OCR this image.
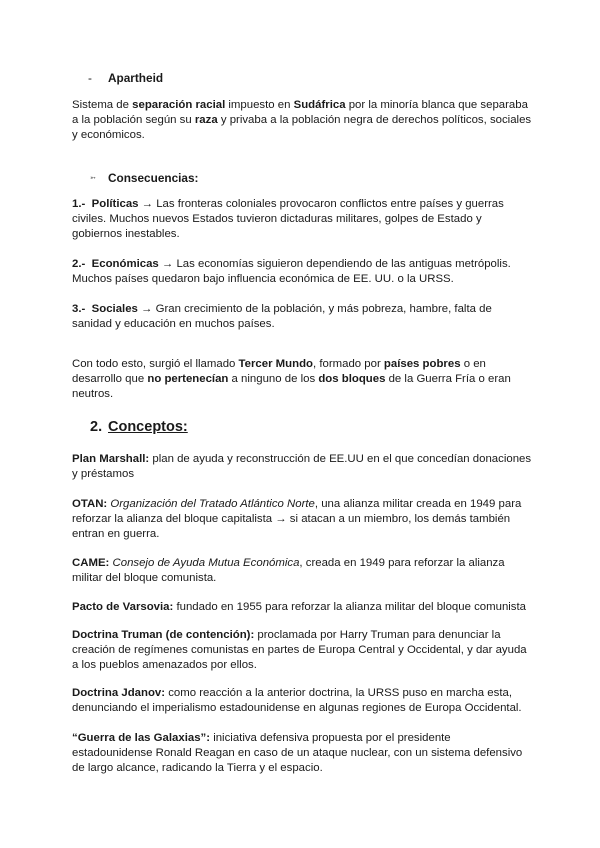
- Apartheid

Sistema de separación racial impuesto en Sudáfrica por la minoría blanca que separaba a la población según su raza y privaba a la población negra de derechos políticos, sociales y económicos.

➳ Consecuencias:

1.- Políticas → Las fronteras coloniales provocaron conflictos entre países y guerras civiles. Muchos nuevos Estados tuvieron dictaduras militares, golpes de Estado y gobiernos inestables.

2.- Económicas → Las economías siguieron dependiendo de las antiguas metrópolis. Muchos países quedaron bajo influencia económica de EE. UU. o la URSS.

3.- Sociales → Gran crecimiento de la población, y más pobreza, hambre, falta de sanidad y educación en muchos países.

Con todo esto, surgió el llamado Tercer Mundo, formado por países pobres o en desarrollo que no pertenecían a ninguno de los dos bloques de la Guerra Fría o eran neutros.

2. Conceptos:

Plan Marshall: plan de ayuda y reconstrucción de EE.UU en el que concedían donaciones y préstamos

OTAN: Organización del Tratado Atlántico Norte, una alianza militar creada en 1949 para reforzar la alianza del bloque capitalista → si atacan a un miembro, los demás también entran en guerra.

CAME: Consejo de Ayuda Mutua Económica, creada en 1949 para reforzar la alianza militar del bloque comunista.

Pacto de Varsovia: fundado en 1955 para reforzar la alianza militar del bloque comunista

Doctrina Truman (de contención): proclamada por Harry Truman para denunciar la creación de regímenes comunistas en partes de Europa Central y Occidental, y dar ayuda a los pueblos amenazados por ellos.

Doctrina Jdanov: como reacción a la anterior doctrina, la URSS puso en marcha esta, denunciando el imperialismo estadounidense en algunas regiones de Europa Occidental.

“Guerra de las Galaxias”: iniciativa defensiva propuesta por el presidente estadounidense Ronald Reagan en caso de un ataque nuclear, con un sistema defensivo de largo alcance, radicando la Tierra y el espacio.
